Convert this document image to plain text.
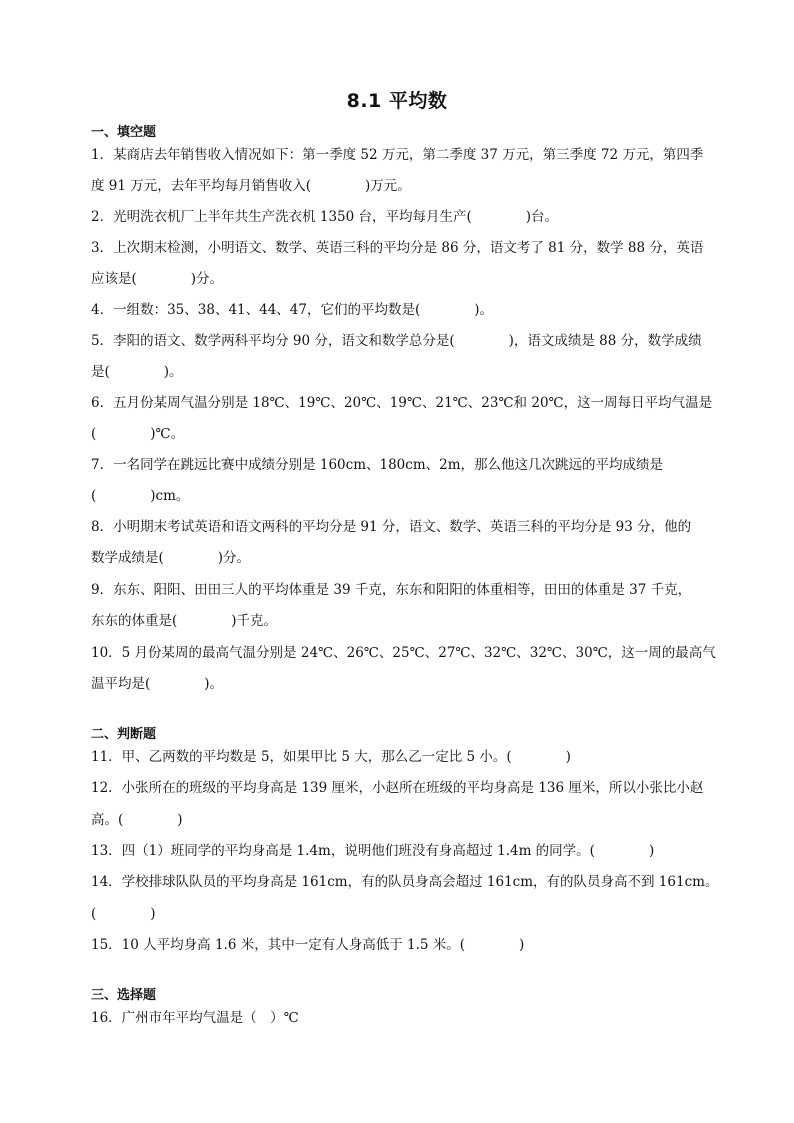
8.1 平均数
一、填空题
1．某商店去年销售收入情况如下：第一季度 52 万元，第二季度 37 万元，第三季度 72 万元，第四季
度 91 万元，去年平均每月销售收入(　　　　)万元。
2．光明洗衣机厂上半年共生产洗衣机 1350 台，平均每月生产(　　　　)台。
3．上次期末检测，小明语文、数学、英语三科的平均分是 86 分，语文考了 81 分，数学 88 分，英语
应该是(　　　　)分。
4．一组数：35、38、41、44、47，它们的平均数是(　　　　)。
5．李阳的语文、数学两科平均分 90 分，语文和数学总分是(　　　　)，语文成绩是 88 分，数学成绩
是(　　　　)。
6．五月份某周气温分别是 18℃、19℃、20℃、19℃、21℃、23℃和 20℃，这一周每日平均气温是
(　　　　)℃。
7．一名同学在跳远比赛中成绩分别是 160cm、180cm、2m，那么他这几次跳远的平均成绩是
(　　　　)cm。
8．小明期末考试英语和语文两科的平均分是 91 分，语文、数学、英语三科的平均分是 93 分，他的
数学成绩是(　　　　)分。
9．东东、阳阳、田田三人的平均体重是 39 千克，东东和阳阳的体重相等，田田的体重是 37 千克，
东东的体重是(　　　　)千克。
10．5 月份某周的最高气温分别是 24℃、26℃、25℃、27℃、32℃、32℃、30℃，这一周的最高气
温平均是(　　　　)。
二、判断题
11．甲、乙两数的平均数是 5，如果甲比 5 大，那么乙一定比 5 小。(　　　　)
12．小张所在的班级的平均身高是 139 厘米，小赵所在班级的平均身高是 136 厘米，所以小张比小赵
高。(　　　　)
13．四（1）班同学的平均身高是 1.4m，说明他们班没有身高超过 1.4m 的同学。(　　　　)
14．学校排球队队员的平均身高是 161cm，有的队员身高会超过 161cm，有的队员身高不到 161cm。
(　　　　)
15．10 人平均身高 1.6 米，其中一定有人身高低于 1.5 米。(　　　　)
三、选择题
16．广州市年平均气温是（　）℃
